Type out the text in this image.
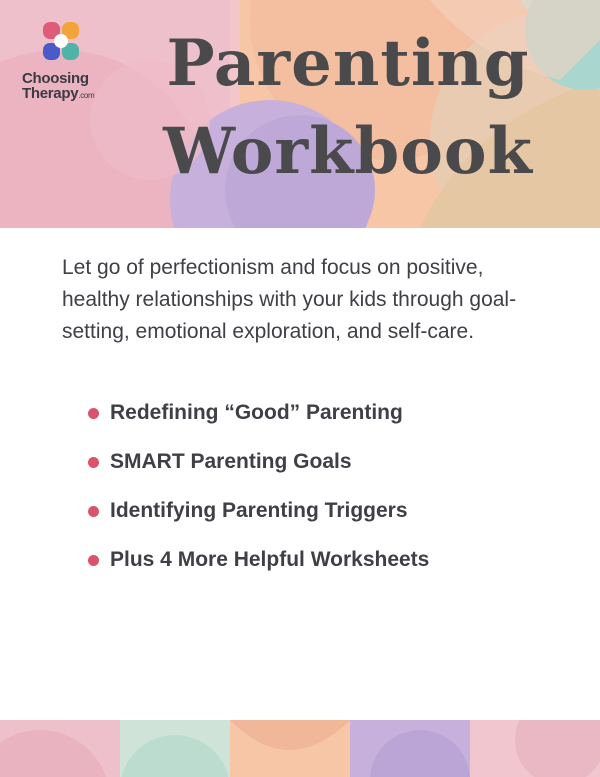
Choosing
Therapy.com	Parenting
Workbook

Let go of perfectionism and focus on positive, healthy relationships with your kids through goal-setting, emotional exploration, and self-care.

Redefining “Good” Parenting
SMART Parenting Goals
Identifying Parenting Triggers
Plus 4 More Helpful Worksheets
